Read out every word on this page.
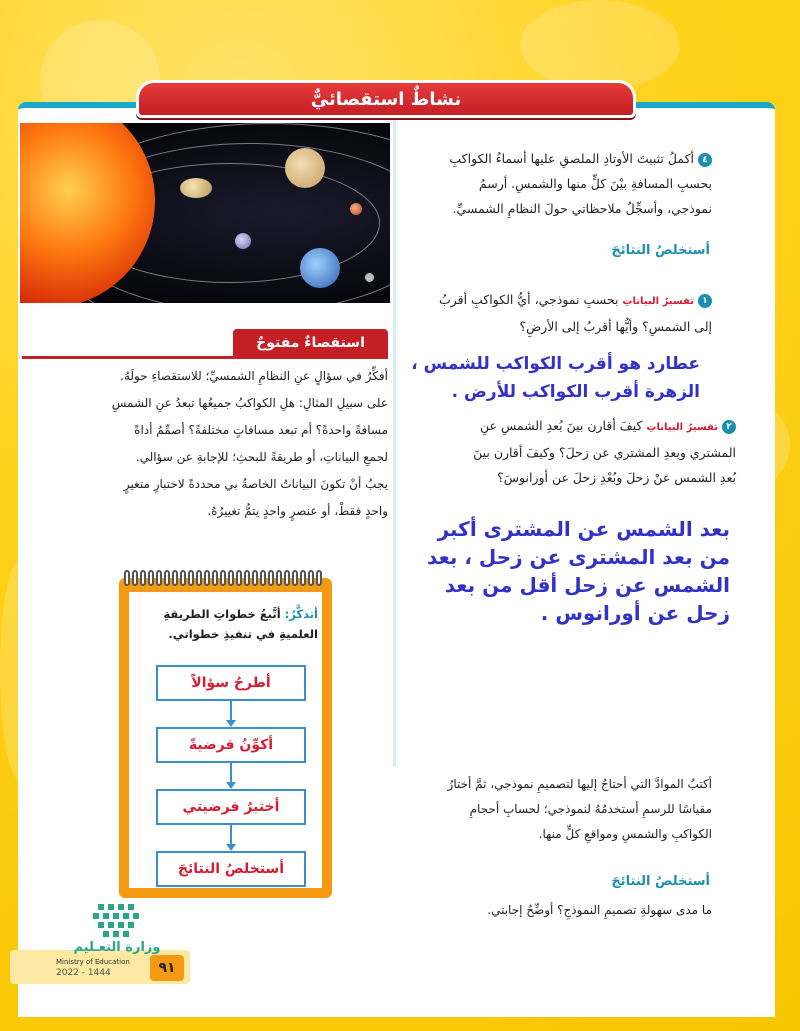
نشاطٌ استقصائيٌّ
٤أكملُ تثبيتَ الأوتادِ الملصقِ عليها أسماءُ الكواكبِ
بحسبِ المسافةِ بيْنَ كلٍّ منها والشمسِ. أرسمُ
نموذجي، وأسجِّلُ ملاحظاتي حولَ النظامِ الشمسيِّ.
أستخلصُ النتائجَ
١تفسيرُ البياناتِ بحسبِ نموذجي، أيُّ الكواكبِ أقربُ
إلى الشمسِ؟ وأيُّها أقربُ إلى الأرضِ؟
عطارد هو أقرب الكواكب للشمس ،
الزهرة أقرب الكواكب للأرض .
٢تفسيرُ البياناتِ كيفَ أقارن بينَ بُعدِ الشمسِ عنِ
المشتري وبعدِ المشتري عن زحلَ؟ وكيفَ أقارن بينَ
بُعدِ الشمس عنْ زحلَ وبُعْدِ زحلَ عن أورانوسَ؟
بعد الشمس عن المشترى أكبر
من بعد المشترى عن زحل ، بعد
الشمس عن زحل أقل من بعد
زحل عن أورانوس .
استقصاءٌ مفتوحٌ
أفكِّرُ في سؤالٍ عنِ النظامِ الشمسيِّ؛ للاستقصاءِ حولَهُ.
على سبيلِ المثالِ: هلِ الكواكبُ جميعُها تبعدُ عنِ الشمسِ
مسافةً واحدةً؟ أم تبعد مسافاتٍ مختلفةً؟ أصمِّمُ أداةً
لجمعِ البياناتِ، أو طريقةً للبحثِ؛ للإجابةِ عن سؤالي.
يجبُ أنْ تكونَ البياناتُ الخاصةُ بي محددةً لاختبارِ متغيرٍ
واحدٍ فقطْ، أو عنصرٍ واحدٍ يتمُّ تغييرُهُ.
أتذكَّرُ: أتَّبعُ خطواتِ الطريقةِ
العلميةِ في تنفيذِ خطواتي.
أطرحُ سؤالاً
أكوِّنُ فرضيةً
أختبرُ فرضيتي
أستخلصُ النتائجَ
أكتبُ الموادَّ التي أحتاجُ إليها لتصميمِ نموذجي، ثمَّ أختارُ
مقياسًا للرسمِ أستخدمُهُ لنموذجي؛ لحسابِ أحجامِ
الكواكبِ والشمسِ ومواقعِ كلٍّ منها.
أستخلصُ النتائجَ
ما مدى سهولةِ تصميمِ النموذجِ؟ أوضِّحُ إجابتي.
وزارة التعـليم
Ministry of Education
2022 - 1444	٩١
